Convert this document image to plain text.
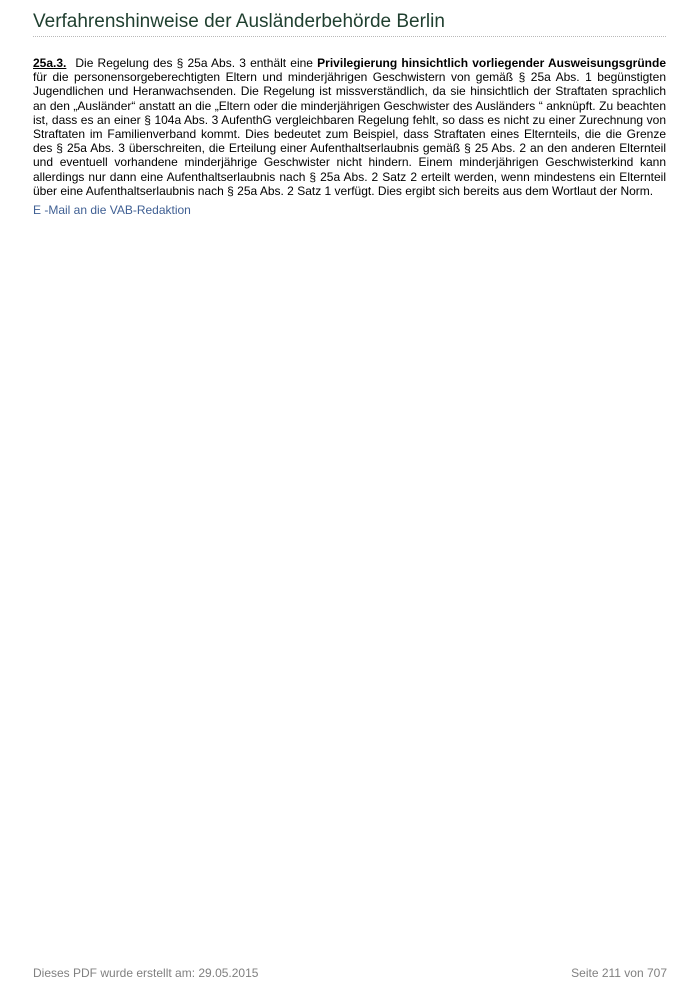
Verfahrenshinweise der Ausländerbehörde Berlin
25a.3. Die Regelung des § 25a Abs. 3 enthält eine Privilegierung hinsichtlich vorliegender Ausweisungsgründe für die personensorgeberechtigten Eltern und minderjährigen Geschwistern von gemäß § 25a Abs. 1 begünstigten Jugendlichen und Heranwachsenden. Die Regelung ist missverständlich, da sie hinsichtlich der Straftaten sprachlich an den „Ausländer“ anstatt an die „Eltern oder die minderjährigen Geschwister des Ausländers “ anknüpft. Zu beachten ist, dass es an einer § 104a Abs. 3 AufenthG vergleichbaren Regelung fehlt, so dass es nicht zu einer Zurechnung von Straftaten im Familienverband kommt. Dies bedeutet zum Beispiel, dass Straftaten eines Elternteils, die die Grenze des § 25a Abs. 3 überschreiten, die Erteilung einer Aufenthaltserlaubnis gemäß § 25 Abs. 2 an den anderen Elternteil und eventuell vorhandene minderjährige Geschwister nicht hindern. Einem minderjährigen Geschwisterkind kann allerdings nur dann eine Aufenthaltserlaubnis nach § 25a Abs. 2 Satz 2 erteilt werden, wenn mindestens ein Elternteil über eine Aufenthaltserlaubnis nach § 25a Abs. 2 Satz 1 verfügt. Dies ergibt sich bereits aus dem Wortlaut der Norm.
E -Mail an die VAB-Redaktion
Dieses PDF wurde erstellt am: 29.05.2015	Seite 211 von 707
